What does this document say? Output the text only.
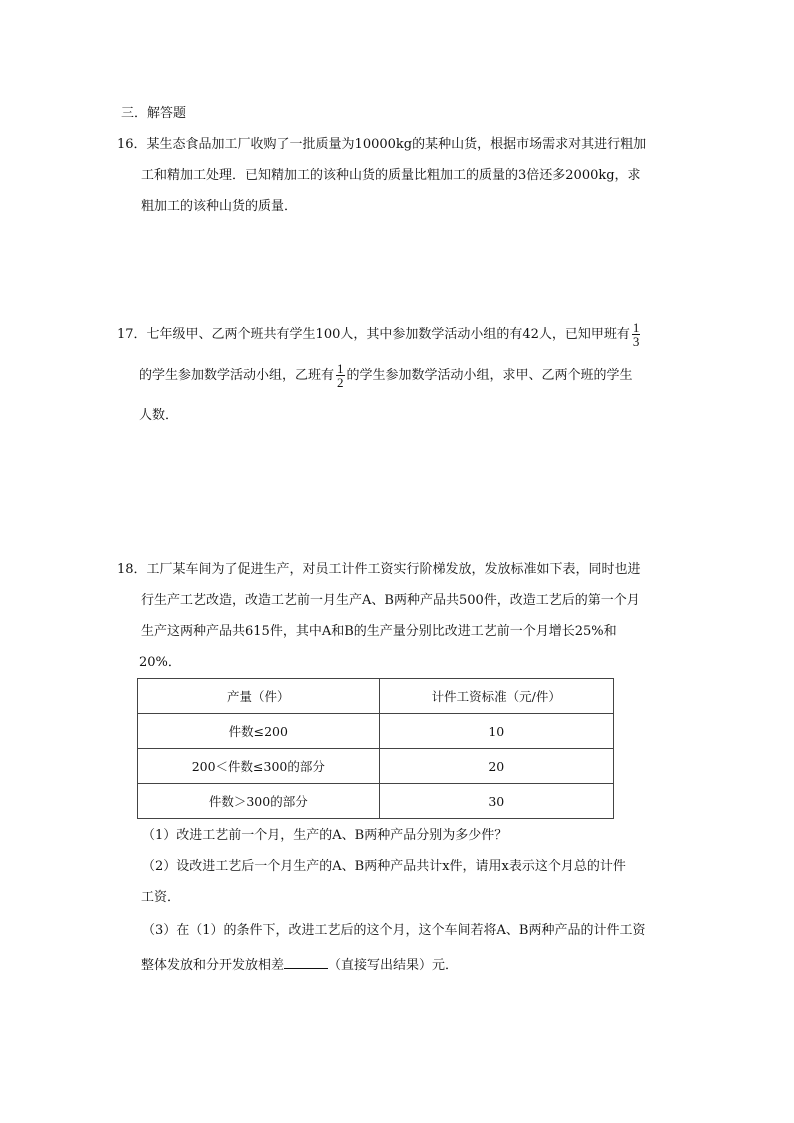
三．解答题
16．某生态食品加工厂收购了一批质量为10000kg的某种山货，根据市场需求对其进行粗加
工和精加工处理．已知精加工的该种山货的质量比粗加工的质量的3倍还多2000kg，求
粗加工的该种山货的质量．
17．七年级甲、乙两个班共有学生100人，其中参加数学活动小组的有42人，已知甲班有 $\frac{1}{3}$
的学生参加数学活动小组，乙班有 $\frac{1}{2}$ 的学生参加数学活动小组，求甲、乙两个班的学生
人数．
18．工厂某车间为了促进生产，对员工计件工资实行阶梯发放，发放标准如下表，同时也进
行生产工艺改造，改造工艺前一月生产A、B两种产品共500件，改造工艺后的第一个月
生产这两种产品共615件，其中A和B的生产量分别比改进工艺前一个月增长25%和
20%．
产量（件）	计件工资标准（元/件）
件数≤200	10
200＜件数≤300的部分	20
件数＞300的部分	30
（1）改进工艺前一个月，生产的A、B两种产品分别为多少件？
（2）设改进工艺后一个月生产的A、B两种产品共计x件，请用x表示这个月总的计件
工资．
（3）在（1）的条件下，改进工艺后的这个月，这个车间若将A、B两种产品的计件工资
整体发放和分开发放相差	（直接写出结果）元．
